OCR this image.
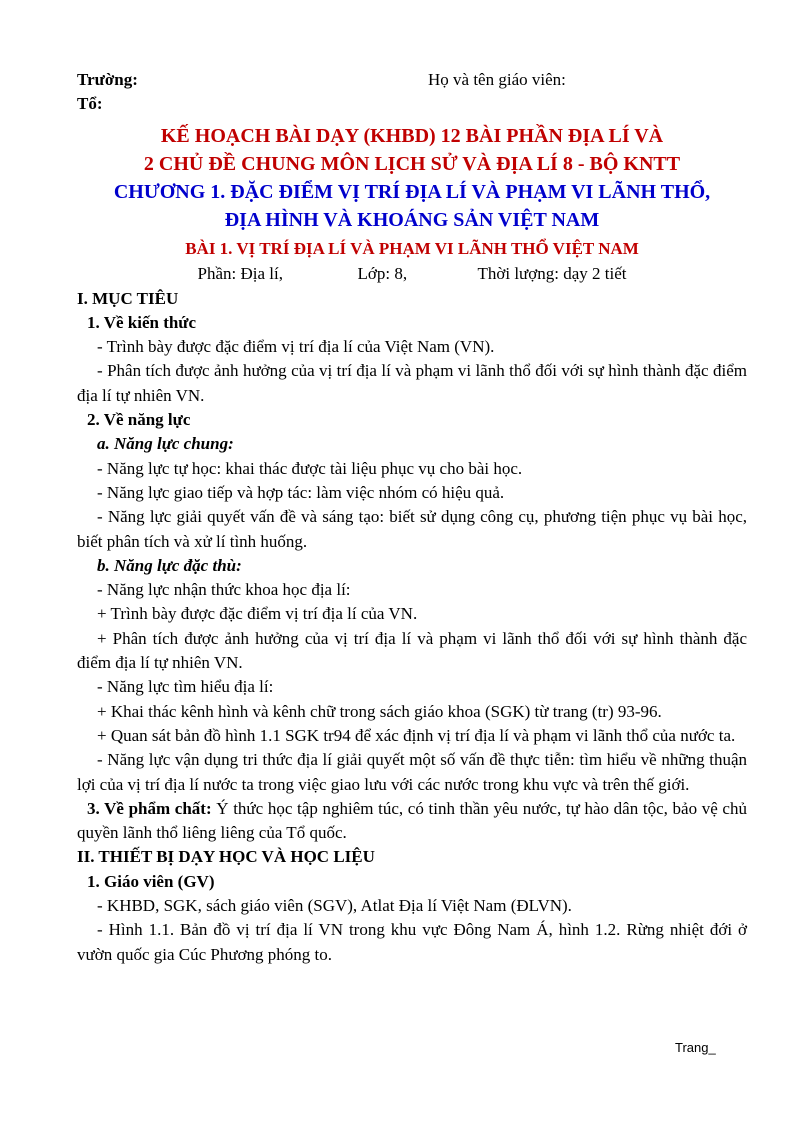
Trường:	Họ và tên giáo viên:
Tổ:
KẾ HOẠCH BÀI DẠY (KHBD) 12 BÀI PHẦN ĐỊA LÍ VÀ
2 CHỦ ĐỀ CHUNG MÔN LỊCH SỬ VÀ ĐỊA LÍ 8 - BỘ KNTT
CHƯƠNG 1. ĐẶC ĐIỂM VỊ TRÍ ĐỊA LÍ VÀ PHẠM VI LÃNH THỔ,
ĐỊA HÌNH VÀ KHOÁNG SẢN VIỆT NAM
BÀI 1. VỊ TRÍ ĐỊA LÍ VÀ PHẠM VI LÃNH THỔ VIỆT NAM
Phần: Địa lí,	Lớp: 8,	Thời lượng: dạy 2 tiết
I. MỤC TIÊU
1. Về kiến thức

- Trình bày được đặc điểm vị trí địa lí của Việt Nam (VN).

- Phân tích được ảnh hưởng của vị trí địa lí và phạm vi lãnh thổ đối với sự hình thành đặc điểm địa lí tự nhiên VN.

2. Về năng lực
a. Năng lực chung:

- Năng lực tự học: khai thác được tài liệu phục vụ cho bài học.

- Năng lực giao tiếp và hợp tác: làm việc nhóm có hiệu quả.

- Năng lực giải quyết vấn đề và sáng tạo: biết sử dụng công cụ, phương tiện phục vụ bài học, biết phân tích và xử lí tình huống.

b. Năng lực đặc thù:

- Năng lực nhận thức khoa học địa lí:

+ Trình bày được đặc điểm vị trí địa lí của VN.

+ Phân tích được ảnh hưởng của vị trí địa lí và phạm vi lãnh thổ đối với sự hình thành đặc điểm địa lí tự nhiên VN.

- Năng lực tìm hiểu địa lí:

+ Khai thác kênh hình và kênh chữ trong sách giáo khoa (SGK) từ trang (tr) 93-96.

+ Quan sát bản đồ hình 1.1 SGK tr94 để xác định vị trí địa lí và phạm vi lãnh thổ của nước ta.

- Năng lực vận dụng tri thức địa lí giải quyết một số vấn đề thực tiễn: tìm hiểu về những thuận lợi của vị trí địa lí nước ta trong việc giao lưu với các nước trong khu vực và trên thế giới.

3. Về phẩm chất: Ý thức học tập nghiêm túc, có tinh thần yêu nước, tự hào dân tộc, bảo vệ chủ quyền lãnh thổ liêng liêng của Tổ quốc.

II. THIẾT BỊ DẠY HỌC VÀ HỌC LIỆU
1. Giáo viên (GV)

- KHBD, SGK, sách giáo viên (SGV), Atlat Địa lí Việt Nam (ĐLVN).

- Hình 1.1. Bản đồ vị trí địa lí VN trong khu vực Đông Nam Á, hình 1.2. Rừng nhiệt đới ở vườn quốc gia Cúc Phương phóng to.

Trang_
